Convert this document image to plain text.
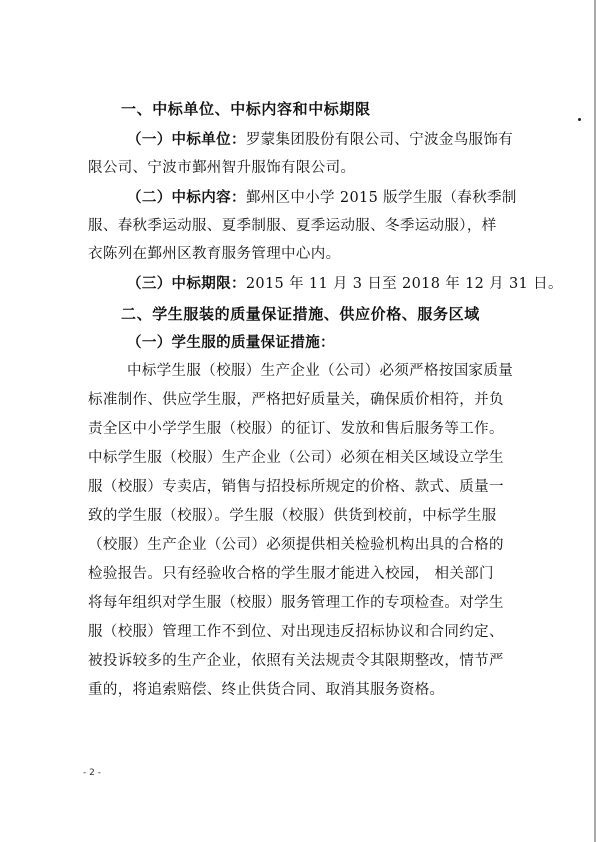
一、中标单位、中标内容和中标期限
（一）中标单位：罗蒙集团股份有限公司、宁波金鸟服饰有
限公司、宁波市鄞州智升服饰有限公司。
（二）中标内容：鄞州区中小学 2015 版学生服（春秋季制
服、春秋季运动服、夏季制服、夏季运动服、冬季运动服），样
衣陈列在鄞州区教育服务管理中心内。
（三）中标期限：2015 年 11 月 3 日至 2018 年 12 月 31 日。
二、学生服装的质量保证措施、供应价格、服务区域
（一）学生服的质量保证措施：
中标学生服（校服）生产企业（公司）必须严格按国家质量
标准制作、供应学生服，严格把好质量关，确保质价相符，并负
责全区中小学学生服（校服）的征订、发放和售后服务等工作。
中标学生服（校服）生产企业（公司）必须在相关区域设立学生
服（校服）专卖店，销售与招投标所规定的价格、款式、质量一
致的学生服（校服）。学生服（校服）供货到校前，中标学生服
（校服）生产企业（公司）必须提供相关检验机构出具的合格的
检验报告。只有经验收合格的学生服才能进入校园， 相关部门
将每年组织对学生服（校服）服务管理工作的专项检查。对学生
服（校服）管理工作不到位、对出现违反招标协议和合同约定、
被投诉较多的生产企业，依照有关法规责令其限期整改，情节严
重的，将追索赔偿、终止供货合同、取消其服务资格。
- 2 -
